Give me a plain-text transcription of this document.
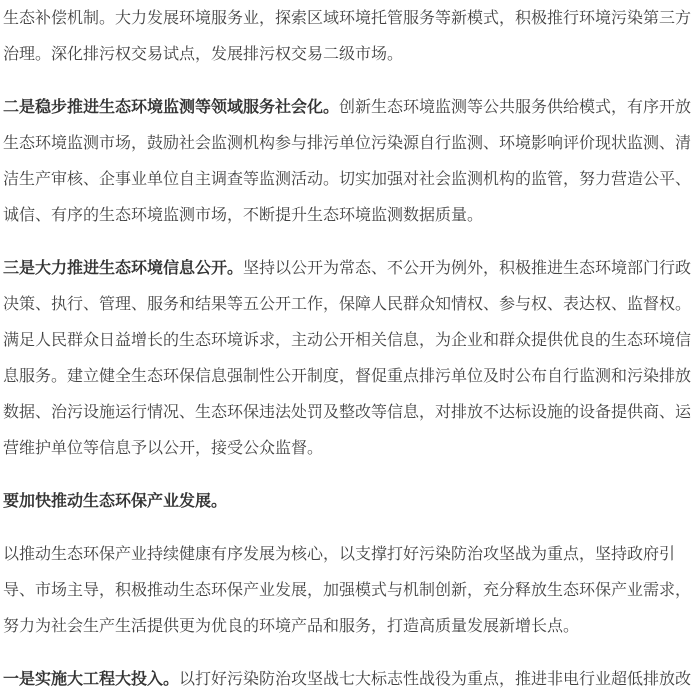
生态补偿机制。大力发展环境服务业，探索区域环境托管服务等新模式，积极推行环境污染第三方
治理。深化排污权交易试点，发展排污权交易二级市场。

二是稳步推进生态环境监测等领域服务社会化。创新生态环境监测等公共服务供给模式，有序开放
生态环境监测市场，鼓励社会监测机构参与排污单位污染源自行监测、环境影响评价现状监测、清
洁生产审核、企事业单位自主调查等监测活动。切实加强对社会监测机构的监管，努力营造公平、
诚信、有序的生态环境监测市场，不断提升生态环境监测数据质量。

三是大力推进生态环境信息公开。坚持以公开为常态、不公开为例外，积极推进生态环境部门行政
决策、执行、管理、服务和结果等五公开工作，保障人民群众知情权、参与权、表达权、监督权。
满足人民群众日益增长的生态环境诉求，主动公开相关信息，为企业和群众提供优良的生态环境信
息服务。建立健全生态环保信息强制性公开制度，督促重点排污单位及时公布自行监测和污染排放
数据、治污设施运行情况、生态环保违法处罚及整改等信息，对排放不达标设施的设备提供商、运
营维护单位等信息予以公开，接受公众监督。

要加快推动生态环保产业发展。

以推动生态环保产业持续健康有序发展为核心，以支撑打好污染防治攻坚战为重点，坚持政府引
导、市场主导，积极推动生态环保产业发展，加强模式与机制创新，充分释放生态环保产业需求，
努力为社会生产生活提供更为优良的环境产品和服务，打造高质量发展新增长点。

一是实施大工程大投入。以打好污染防治攻坚战七大标志性战役为重点，推进非电行业超低排放改
